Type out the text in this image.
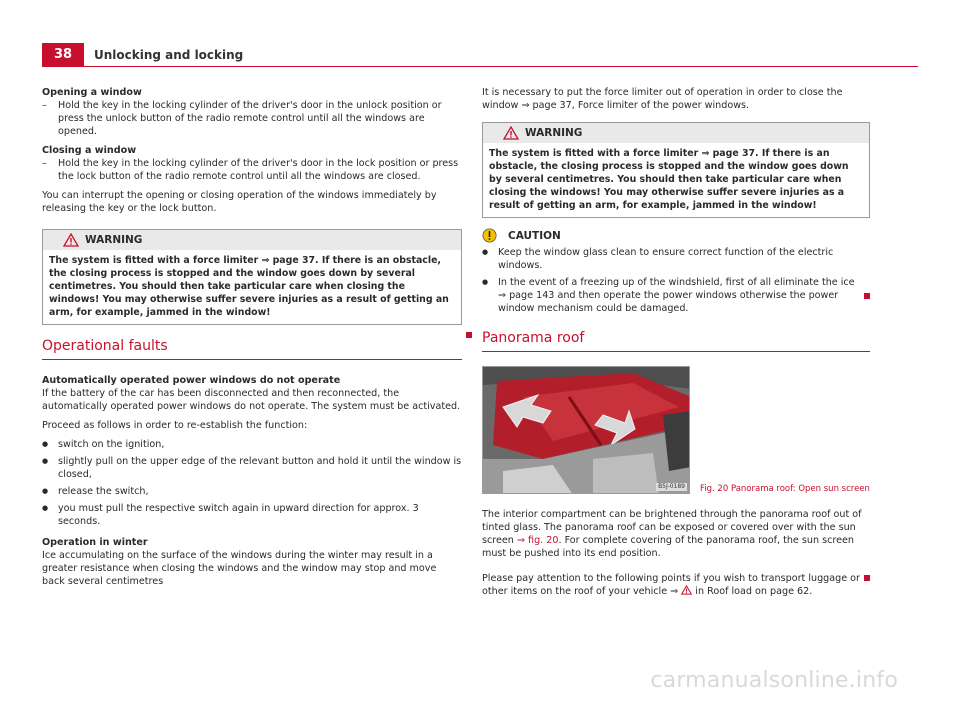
38	Unlocking and locking

Opening a window

– Hold the key in the locking cylinder of the driver's door in the unlock position or press the unlock button of the radio remote control until all the windows are opened.

Closing a window

– Hold the key in the locking cylinder of the driver's door in the lock position or press the lock button of the radio remote control until all the windows are closed.

You can interrupt the opening or closing operation of the windows immediately by releasing the key or the lock button.

WARNING
The system is fitted with a force limiter ⇒ page 37. If there is an obstacle, the closing process is stopped and the window goes down by several centimetres. You should then take particular care when closing the windows! You may otherwise suffer severe injuries as a result of getting an arm, for example, jammed in the window!
Operational faults

Automatically operated power windows do not operate

If the battery of the car has been disconnected and then reconnected, the automatically operated power windows do not operate. The system must be activated.

Proceed as follows in order to re-establish the function:

● switch on the ignition,
● slightly pull on the upper edge of the relevant button and hold it until the window is closed,
● release the switch,
● you must pull the respective switch again in upward direction for approx. 3 seconds.

Operation in winter

Ice accumulating on the surface of the windows during the winter may result in a greater resistance when closing the windows and the window may stop and move back several centimetres

It is necessary to put the force limiter out of operation in order to close the window ⇒ page 37, Force limiter of the power windows.

WARNING
The system is fitted with a force limiter ⇒ page 37. If there is an obstacle, the closing process is stopped and the window goes down by several centimetres. You should then take particular care when closing the windows! You may otherwise suffer severe injuries as a result of getting an arm, for example, jammed in the window!
CAUTION
● Keep the window glass clean to ensure correct function of the electric windows.
● In the event of a freezing up of the windshield, first of all eliminate the ice ⇒ page 143 and then operate the power windows otherwise the power window mechanism could be damaged.
Panorama roof
B5J-0189 Fig. 20 Panorama roof: Open sun screen

The interior compartment can be brightened through the panorama roof out of tinted glass. The panorama roof can be exposed or covered over with the sun screen ⇒ fig. 20. For complete covering of the panorama roof, the sun screen must be pushed into its end position.

Please pay attention to the following points if you wish to transport luggage or other items on the roof of your vehicle ⇒  in Roof load on page 62.

carmanualsonline.info
